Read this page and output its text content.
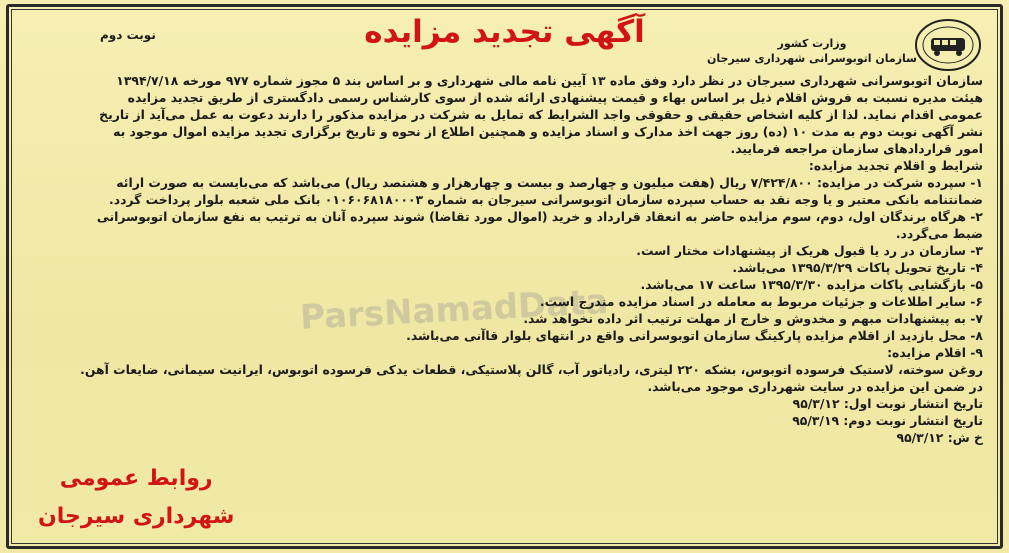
وزارت کشور
سازمان اتوبوسرانی شهرداری سیرجان
آگهی تجدید مزایده
نوبت دوم
ParsNamadData
سازمان اتوبوسرانی شهرداری سیرجان در نظر دارد وفق ماده ۱۳ آیین نامه مالی شهرداری و بر اساس بند ۵ مجوز شماره ۹۷۷ مورخه ۱۳۹۴/۷/۱۸
هیئت مدیره نسبت به فروش اقلام ذیل بر اساس بهاء و قیمت پیشنهادی ارائه شده از سوی کارشناس رسمی دادگستری از طریق تجدید مزایده
عمومی اقدام نماید. لذا از کلیه اشخاص حقیقی و حقوقی واجد الشرایط که تمایل به شرکت در مزایده مذکور را دارند دعوت به عمل می‌آید از تاریخ
نشر آگهی نوبت دوم به مدت ۱۰ (ده) روز جهت اخذ مدارک و اسناد مزایده و همچنین اطلاع از نحوه و تاریخ برگزاری تجدید مزایده اموال موجود به
امور قراردادهای سازمان مراجعه فرمایید.
شرایط و اقلام تجدید مزایده:
۱- سپرده شرکت در مزایده: ۷/۴۲۴/۸۰۰ ریال (هفت میلیون و چهارصد و بیست و چهارهزار و هشتصد ریال) می‌باشد که می‌بایست به صورت ارائه
ضمانتنامه بانکی معتبر و یا وجه نقد به حساب سپرده سازمان اتوبوسرانی سیرجان به شماره ۰۱۰۶۰۶۸۱۸۰۰۰۳ بانک ملی شعبه بلوار پرداخت گردد.
۲- هرگاه برندگان اول، دوم، سوم مزایده حاضر به انعقاد قرارداد و خرید (اموال مورد تقاضا) شوند سپرده آنان به ترتیب به نفع سازمان اتوبوسرانی
ضبط می‌گردد.
۳- سازمان در رد یا قبول هریک از پیشنهادات مختار است.
۴- تاریخ تحویل پاکات ۱۳۹۵/۳/۲۹ می‌باشد.
۵- بازگشایی پاکات مزایده ۱۳۹۵/۳/۳۰ ساعت ۱۷ می‌باشد.
۶- سایر اطلاعات و جزئیات مربوط به معامله در اسناد مزایده مندرج است.
۷- به پیشنهادات مبهم و مخدوش و خارج از مهلت ترتیب اثر داده نخواهد شد.
۸- محل بازدید از اقلام مزایده پارکینگ سازمان اتوبوسرانی واقع در انتهای بلوار قاآنی می‌باشد.
۹- اقلام مزایده:
روغن سوخته، لاستیک فرسوده اتوبوس، بشکه ۲۲۰ لیتری، رادیاتور آب، گالن پلاستیکی، قطعات یدکی فرسوده اتوبوس، ایرانیت سیمانی، ضایعات آهن.
در ضمن این مزایده در سایت شهرداری موجود می‌باشد.
تاریخ انتشار نوبت اول: ۹۵/۳/۱۲
تاریخ انتشار نوبت دوم: ۹۵/۳/۱۹
خ ش: ۹۵/۳/۱۲
روابط عمومی
شهرداری سیرجان
